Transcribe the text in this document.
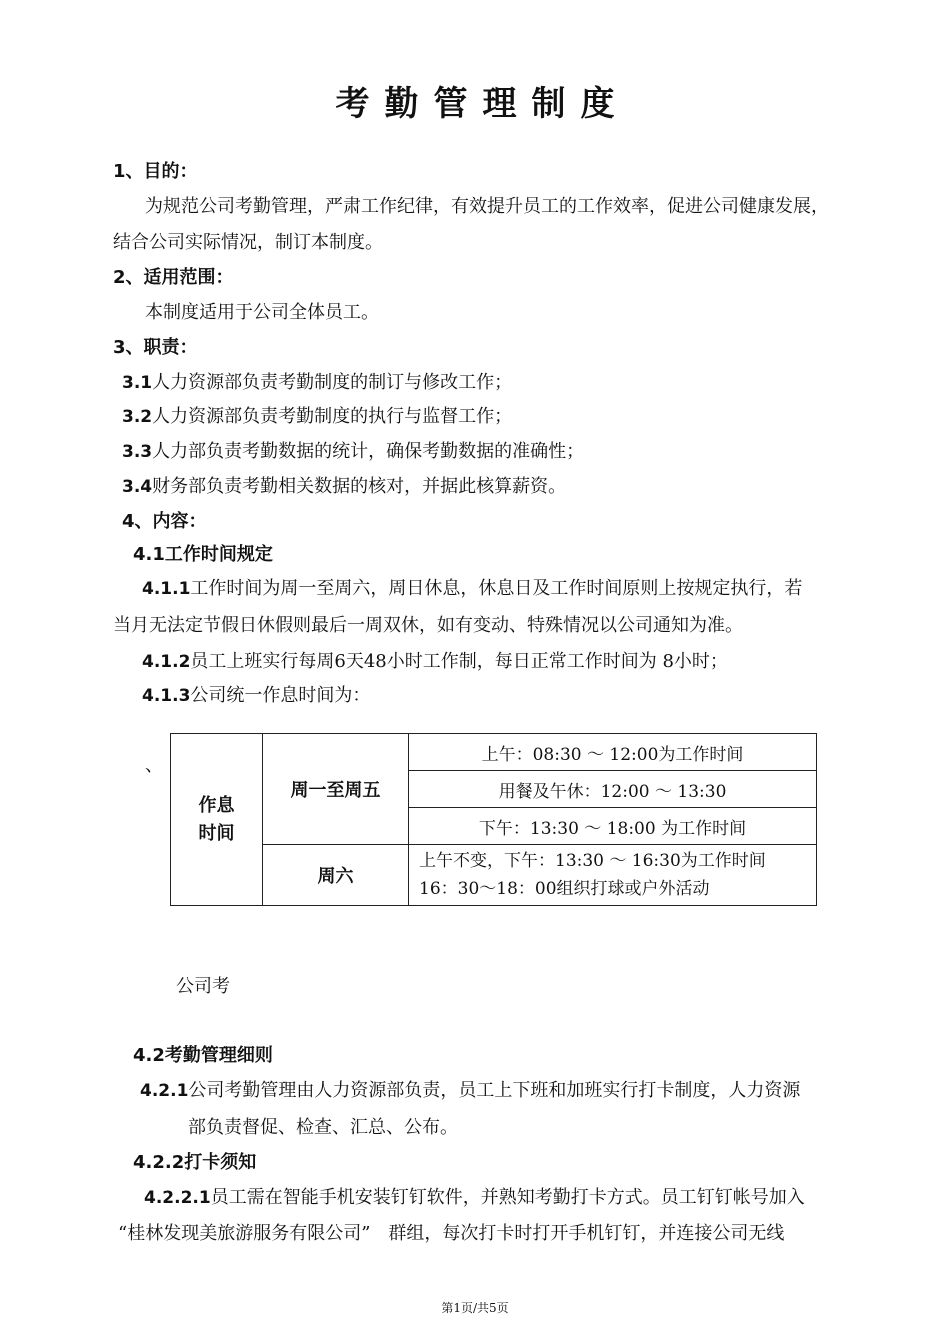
考勤管理制度
1、目的：
为规范公司考勤管理，严肃工作纪律，有效提升员工的工作效率，促进公司健康发展，
结合公司实际情况，制订本制度。
2、适用范围：
本制度适用于公司全体员工。
3、职责：
3.1人力资源部负责考勤制度的制订与修改工作；
3.2人力资源部负责考勤制度的执行与监督工作；
3.3人力部负责考勤数据的统计，确保考勤数据的准确性；
3.4财务部负责考勤相关数据的核对，并据此核算薪资。
4、内容：
4.1工作时间规定
4.1.1工作时间为周一至周六，周日休息，休息日及工作时间原则上按规定执行，若
当月无法定节假日休假则最后一周双休，如有变动、特殊情况以公司通知为准。
4.1.2员工上班实行每周6天48小时工作制，每日正常工作时间为 8小时；
4.1.3公司统一作息时间为：
、
作息
时间	周一至周五	上午：08:30 ～ 12:00为工作时间
		用餐及午休：12:00 ～ 13:30
		下午：13:30 ～ 18:00 为工作时间
	周六	上午不变，下午：13:30 ～ 16:30为工作时间
16：30～18：00组织打球或户外活动
公司考
4.2考勤管理细则
4.2.1公司考勤管理由人力资源部负责，员工上下班和加班实行打卡制度，人力资源
部负责督促、检查、汇总、公布。
4.2.2打卡须知
4.2.2.1员工需在智能手机安装钉钉软件，并熟知考勤打卡方式。员工钉钉帐号加入
“桂林发现美旅游服务有限公司”　群组，每次打卡时打开手机钉钉，并连接公司无线
第1页/共5页
